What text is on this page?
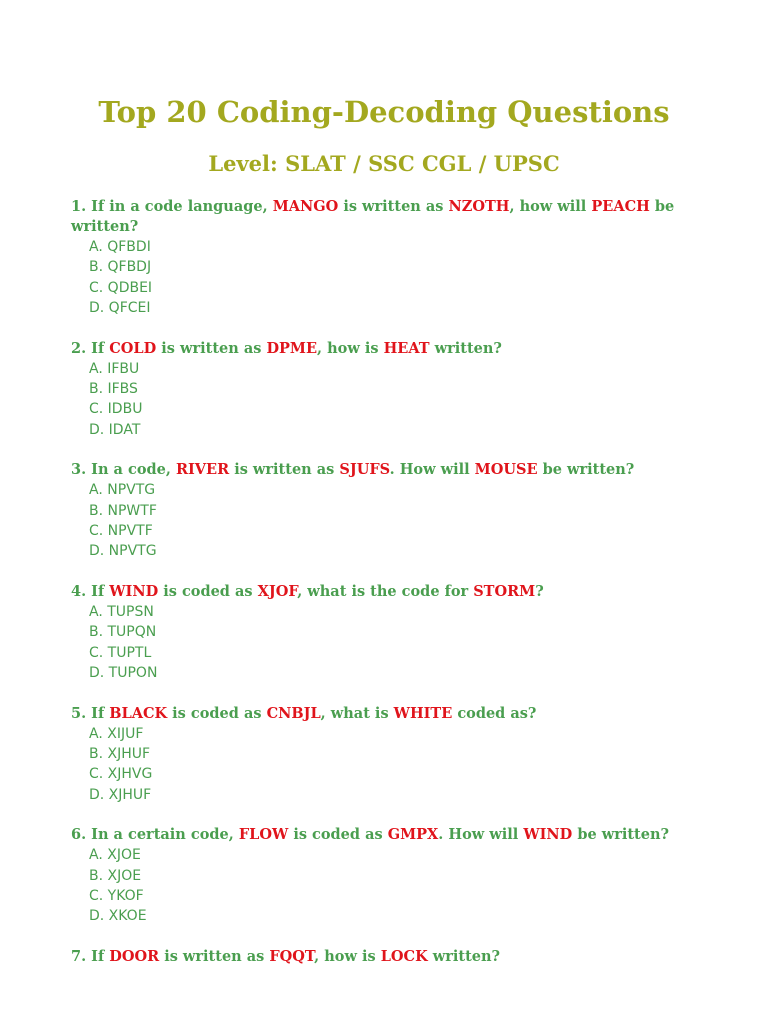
Top 20 Coding-Decoding Questions
Level: SLAT / SSC CGL / UPSC
1. If in a code language, MANGO is written as NZOTH, how will PEACH be written?
A. QFBDI
B. QFBDJ
C. QDBEI
D. QFCEI
2. If COLD is written as DPME, how is HEAT written?
A. IFBU
B. IFBS
C. IDBU
D. IDAT
3. In a code, RIVER is written as SJUFS. How will MOUSE be written?
A. NPVTG
B. NPWTF
C. NPVTF
D. NPVTG
4. If WIND is coded as XJOF, what is the code for STORM?
A. TUPSN
B. TUPQN
C. TUPTL
D. TUPON
5. If BLACK is coded as CNBJL, what is WHITE coded as?
A. XIJUF
B. XJHUF
C. XJHVG
D. XJHUF
6. In a certain code, FLOW is coded as GMPX. How will WIND be written?
A. XJOE
B. XJOE
C. YKOF
D. XKOE
7. If DOOR is written as FQQT, how is LOCK written?
